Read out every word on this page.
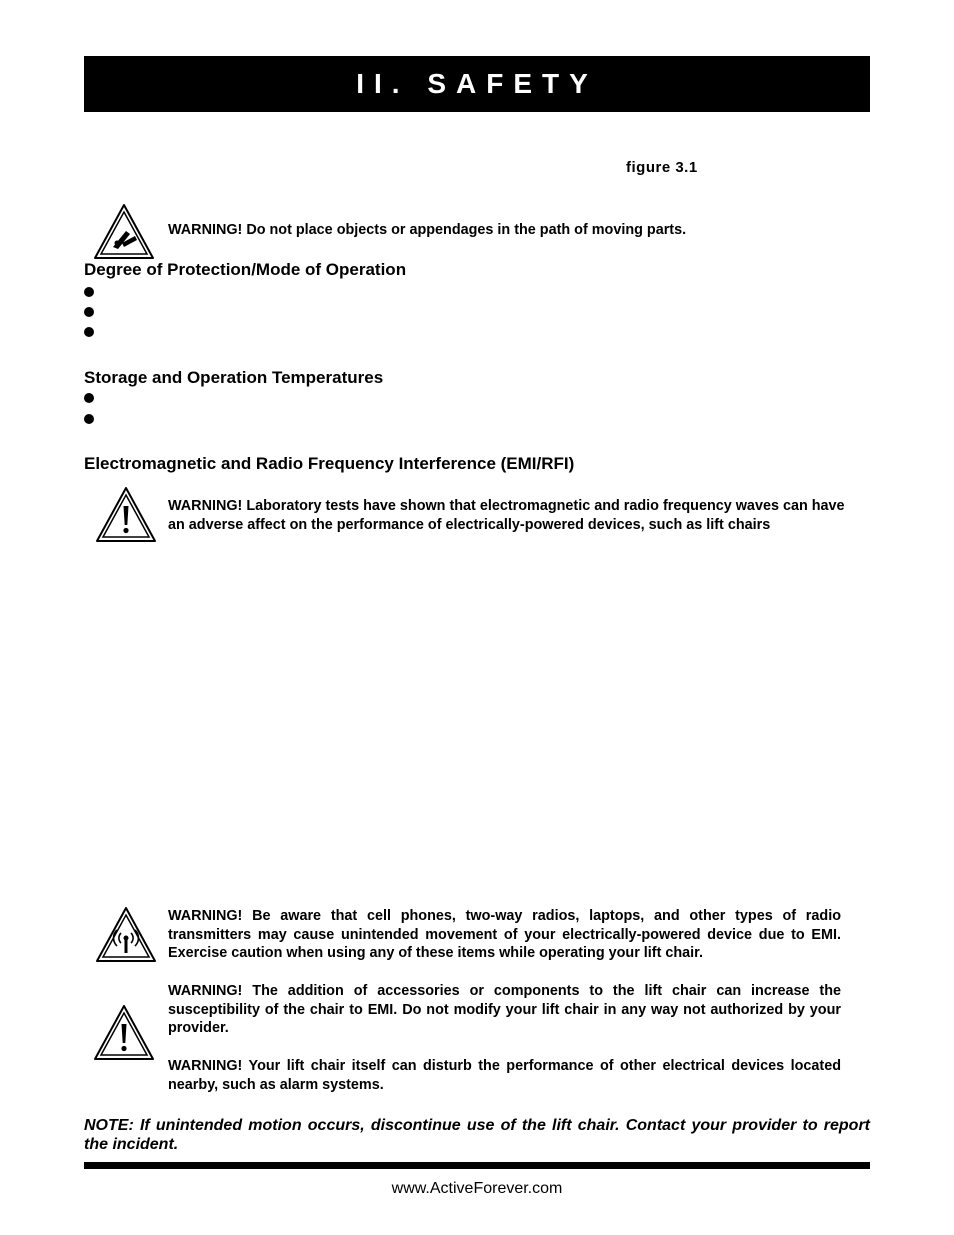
II. SAFETY
figure 3.1
WARNING! Do not place objects or appendages in the path of moving parts.
Degree of Protection/Mode of Operation
Storage and Operation Temperatures
Electromagnetic and Radio Frequency Interference (EMI/RFI)
WARNING! Laboratory tests have shown that electromagnetic and radio frequency waves can have an adverse affect on the performance of electrically-powered devices, such as lift chairs
WARNING! Be aware that cell phones, two-way radios, laptops, and other types of radio transmitters may cause unintended movement of your electrically-powered device due to EMI. Exercise caution when using any of these items while operating your lift chair.
WARNING! The addition of accessories or components to the lift chair can increase the susceptibility of the chair to EMI. Do not modify your lift chair in any way not authorized by your provider.
WARNING! Your lift chair itself can disturb the performance of other electrical devices located nearby, such as alarm systems.
NOTE: If unintended motion occurs, discontinue use of the lift chair. Contact your provider to report the incident.
www.ActiveForever.com
